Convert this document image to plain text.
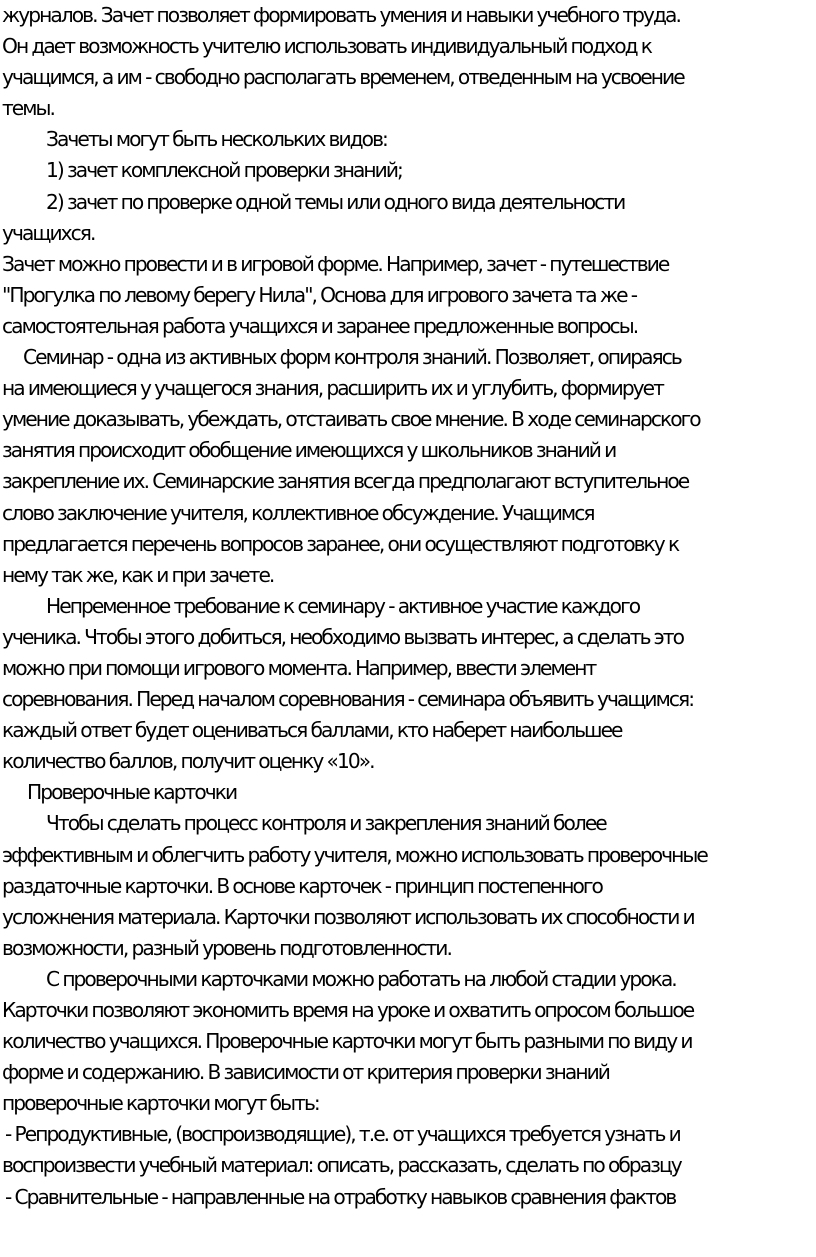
журналов. Зачет позволяет формировать умения и навыки учебного труда.
Он дает возможность учителю использовать индивидуальный подход к
учащимся, а им - свободно располагать временем, отведенным на усвоение
темы.
Зачеты могут быть нескольких видов:
1) зачет комплексной проверки знаний;
2) зачет по проверке одной темы или одного вида деятельности
учащихся.
Зачет можно провести и в игровой форме. Например, зачет - путешествие
"Прогулка по левому берегу Нила", Основа для игрового зачета та же -
самостоятельная работа учащихся и заранее предложенные вопросы.
Семинар - одна из активных форм контроля знаний. Позволяет, опираясь
на имеющиеся у учащегося знания, расширить их и углубить, формирует
умение доказывать, убеждать, отстаивать свое мнение. В ходе семинарского
занятия происходит обобщение имеющихся у школьников знаний и
закрепление их. Семинарские занятия всегда предполагают вступительное
слово заключение учителя, коллективное обсуждение. Учащимся
предлагается перечень вопросов заранее, они осуществляют подготовку к
нему так же, как и при зачете.
Непременное требование к семинару - активное участие каждого
ученика. Чтобы этого добиться, необходимо вызвать интерес, а сделать это
можно при помощи игрового момента. Например, ввести элемент
соревнования. Перед началом соревнования - семинара объявить учащимся:
каждый ответ будет оцениваться баллами, кто наберет наибольшее
количество баллов, получит оценку «10».
Проверочные карточки
Чтобы сделать процесс контроля и закрепления знаний более
эффективным и облегчить работу учителя, можно использовать проверочные
раздаточные карточки. В основе карточек - принцип постепенного
усложнения материала. Карточки позволяют использовать их способности и
возможности, разный уровень подготовленности.
С проверочными карточками можно работать на любой стадии урока.
Карточки позволяют экономить время на уроке и охватить опросом большое
количество учащихся. Проверочные карточки могут быть разными по виду и
форме и содержанию. В зависимости от критерия проверки знаний
проверочные карточки могут быть:
- Репродуктивные, (воспроизводящие), т.е. от учащихся требуется узнать и
воспроизвести учебный материал: описать, рассказать, сделать по образцу
- Сравнительные - направленные на отработку навыков сравнения фактов
